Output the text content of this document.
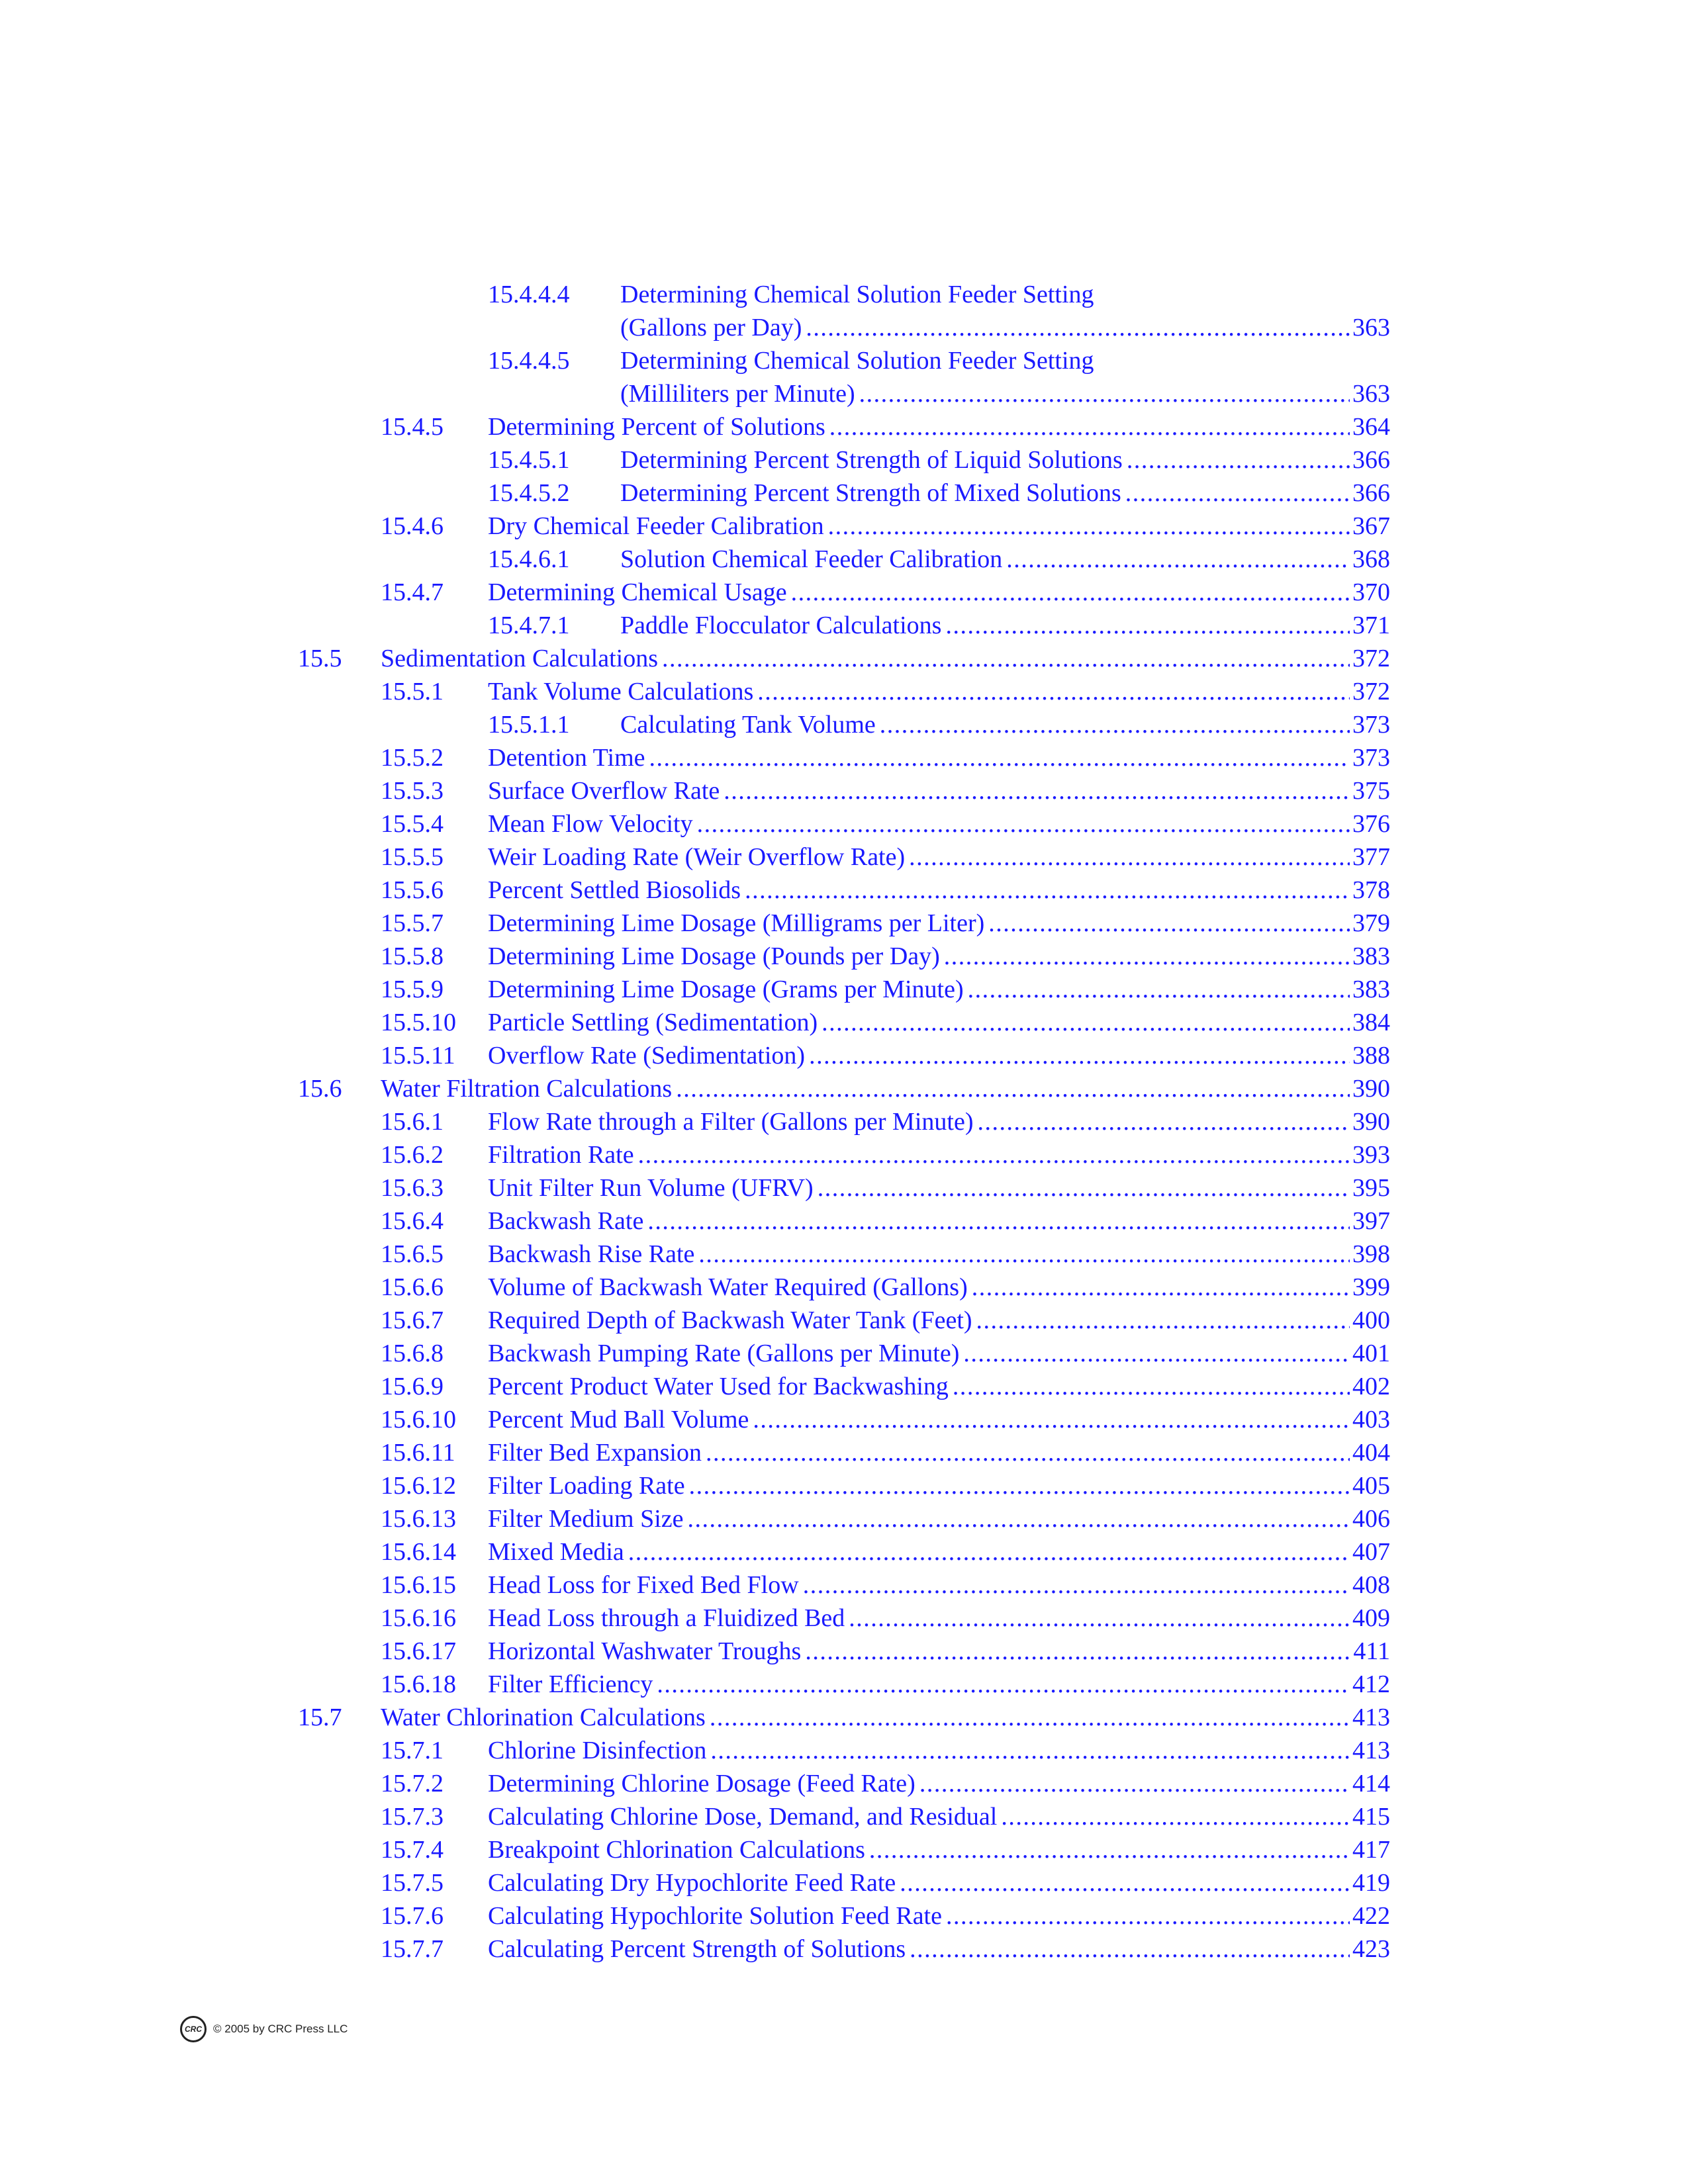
15.4.4.4 Determining Chemical Solution Feeder Setting
(Gallons per Day) . . .	363
15.4.4.5 Determining Chemical Solution Feeder Setting
(Milliliters per Minute) . . .	363
15.4.5 Determining Percent of Solutions . . .	364
15.4.5.1 Determining Percent Strength of Liquid Solutions . . .	366
15.4.5.2 Determining Percent Strength of Mixed Solutions . . .	366
15.4.6 Dry Chemical Feeder Calibration . . .	367
15.4.6.1 Solution Chemical Feeder Calibration . . .	368
15.4.7 Determining Chemical Usage . . .	370
15.4.7.1 Paddle Flocculator Calculations . . .	371
15.5 Sedimentation Calculations . . .	372
15.5.1 Tank Volume Calculations . . .	372
15.5.1.1 Calculating Tank Volume . . .	373
15.5.2 Detention Time . . .	373
15.5.3 Surface Overflow Rate . . .	375
15.5.4 Mean Flow Velocity . . .	376
15.5.5 Weir Loading Rate (Weir Overflow Rate) . . .	377
15.5.6 Percent Settled Biosolids . . .	378
15.5.7 Determining Lime Dosage (Milligrams per Liter) . . .	379
15.5.8 Determining Lime Dosage (Pounds per Day) . . .	383
15.5.9 Determining Lime Dosage (Grams per Minute) . . .	383
15.5.10 Particle Settling (Sedimentation) . . .	384
15.5.11 Overflow Rate (Sedimentation) . . .	388
15.6 Water Filtration Calculations . . .	390
15.6.1 Flow Rate through a Filter (Gallons per Minute) . . .	390
15.6.2 Filtration Rate . . .	393
15.6.3 Unit Filter Run Volume (UFRV) . . .	395
15.6.4 Backwash Rate . . .	397
15.6.5 Backwash Rise Rate . . .	398
15.6.6 Volume of Backwash Water Required (Gallons) . . .	399
15.6.7 Required Depth of Backwash Water Tank (Feet) . . .	400
15.6.8 Backwash Pumping Rate (Gallons per Minute) . . .	401
15.6.9 Percent Product Water Used for Backwashing . . .	402
15.6.10 Percent Mud Ball Volume . . .	403
15.6.11 Filter Bed Expansion . . .	404
15.6.12 Filter Loading Rate . . .	405
15.6.13 Filter Medium Size . . .	406
15.6.14 Mixed Media . . .	407
15.6.15 Head Loss for Fixed Bed Flow . . .	408
15.6.16 Head Loss through a Fluidized Bed . . .	409
15.6.17 Horizontal Washwater Troughs . . .	411
15.6.18 Filter Efficiency . . .	412
15.7 Water Chlorination Calculations . . .	413
15.7.1 Chlorine Disinfection . . .	413
15.7.2 Determining Chlorine Dosage (Feed Rate) . . .	414
15.7.3 Calculating Chlorine Dose, Demand, and Residual . . .	415
15.7.4 Breakpoint Chlorination Calculations . . .	417
15.7.5 Calculating Dry Hypochlorite Feed Rate . . .	419
15.7.6 Calculating Hypochlorite Solution Feed Rate . . .	422
15.7.7 Calculating Percent Strength of Solutions . . .	423
CRC	© 2005 by CRC Press LLC
